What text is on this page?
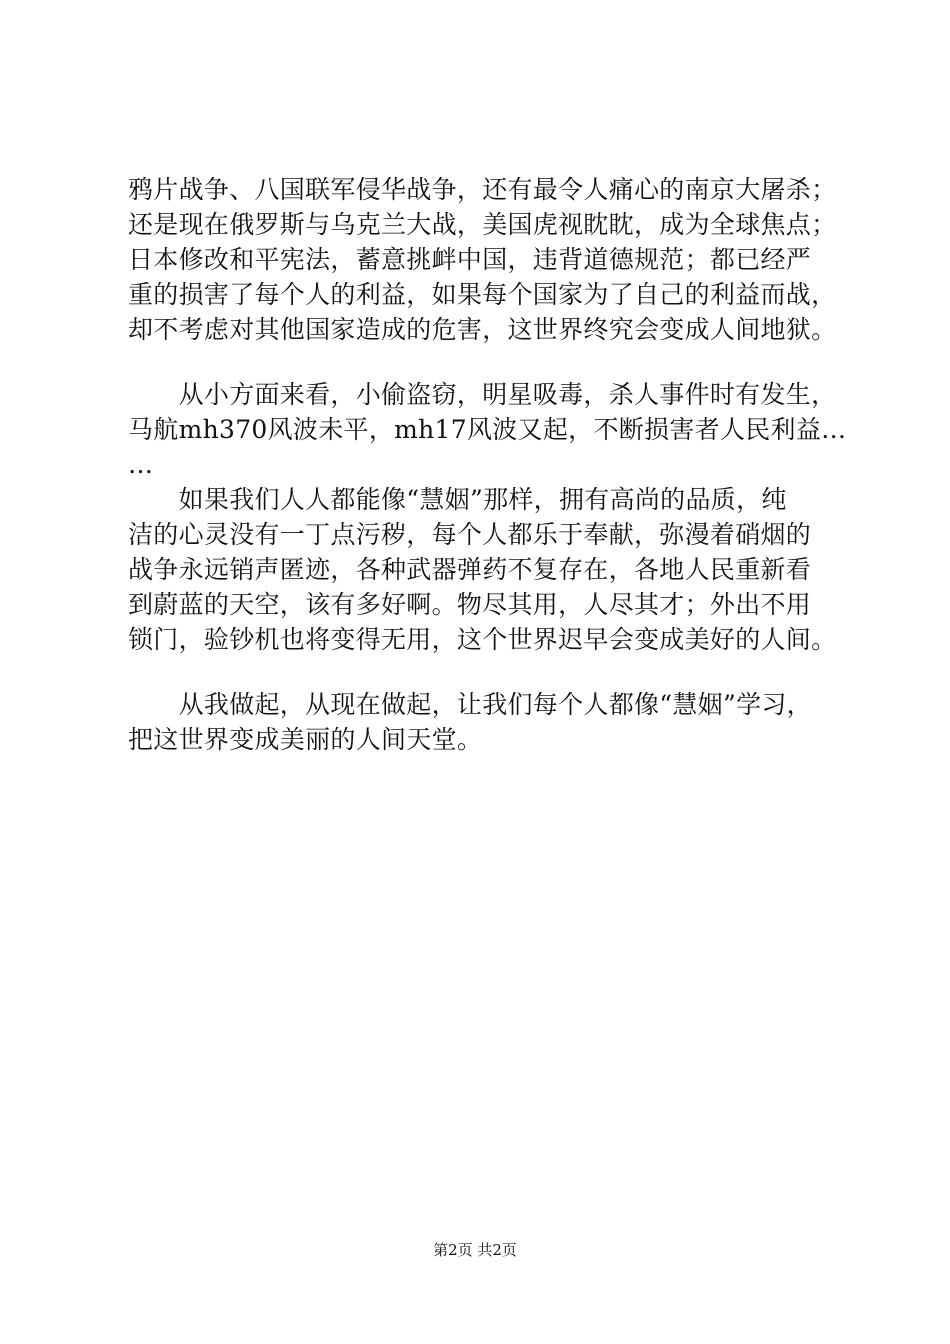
鸦片战争、八国联军侵华战争，还有最令人痛心的南京大屠杀；
还是现在俄罗斯与乌克兰大战，美国虎视眈眈，成为全球焦点；
日本修改和平宪法，蓄意挑衅中国，违背道德规范；都已经严
重的损害了每个人的利益，如果每个国家为了自己的利益而战，
却不考虑对其他国家造成的危害，这世界终究会变成人间地狱。
　　从小方面来看，小偷盗窃，明星吸毒，杀人事件时有发生，
马航mh370风波未平，mh17风波又起，不断损害者人民利益…
…
　　如果我们人人都能像“慧姻”那样，拥有高尚的品质，纯
洁的心灵没有一丁点污秽，每个人都乐于奉献，弥漫着硝烟的
战争永远销声匿迹，各种武器弹药不复存在，各地人民重新看
到蔚蓝的天空，该有多好啊。物尽其用，人尽其才；外出不用
锁门，验钞机也将变得无用，这个世界迟早会变成美好的人间。
　　从我做起，从现在做起，让我们每个人都像“慧姻”学习，
把这世界变成美丽的人间天堂。
第2页 共2页
